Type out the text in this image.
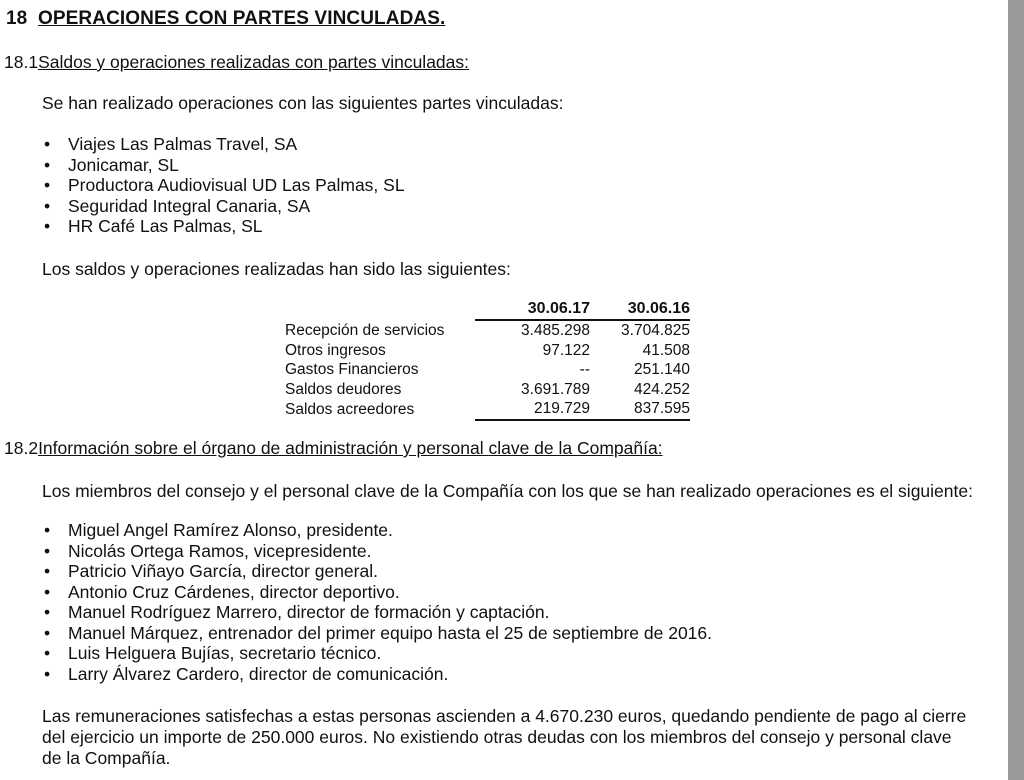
18 OPERACIONES CON PARTES VINCULADAS.
18.1Saldos y operaciones realizadas con partes vinculadas:
Se han realizado operaciones con las siguientes partes vinculadas:
• Viajes Las Palmas Travel, SA
• Jonicamar, SL
• Productora Audiovisual UD Las Palmas, SL
• Seguridad Integral Canaria, SA
• HR Café Las Palmas, SL
Los saldos y operaciones realizadas han sido las siguientes:
	30.06.17	30.06.16
Recepción de servicios	3.485.298	3.704.825
Otros ingresos	97.122	41.508
Gastos Financieros	--	251.140
Saldos deudores	3.691.789	424.252
Saldos acreedores	219.729	837.595
18.2Información sobre el órgano de administración y personal clave de la Compañía:
Los miembros del consejo y el personal clave de la Compañía con los que se han realizado operaciones es el siguiente:
• Miguel Angel Ramírez Alonso, presidente.
• Nicolás Ortega Ramos, vicepresidente.
• Patricio Viñayo García, director general.
• Antonio Cruz Cárdenes, director deportivo.
• Manuel Rodríguez Marrero, director de formación y captación.
• Manuel Márquez, entrenador del primer equipo hasta el 25 de septiembre de 2016.
• Luis Helguera Bujías, secretario técnico.
• Larry Álvarez Cardero, director de comunicación.
Las remuneraciones satisfechas a estas personas ascienden a 4.670.230 euros, quedando pendiente de pago al cierre
del ejercicio un importe de 250.000 euros. No existiendo otras deudas con los miembros del consejo y personal clave
de la Compañía.
